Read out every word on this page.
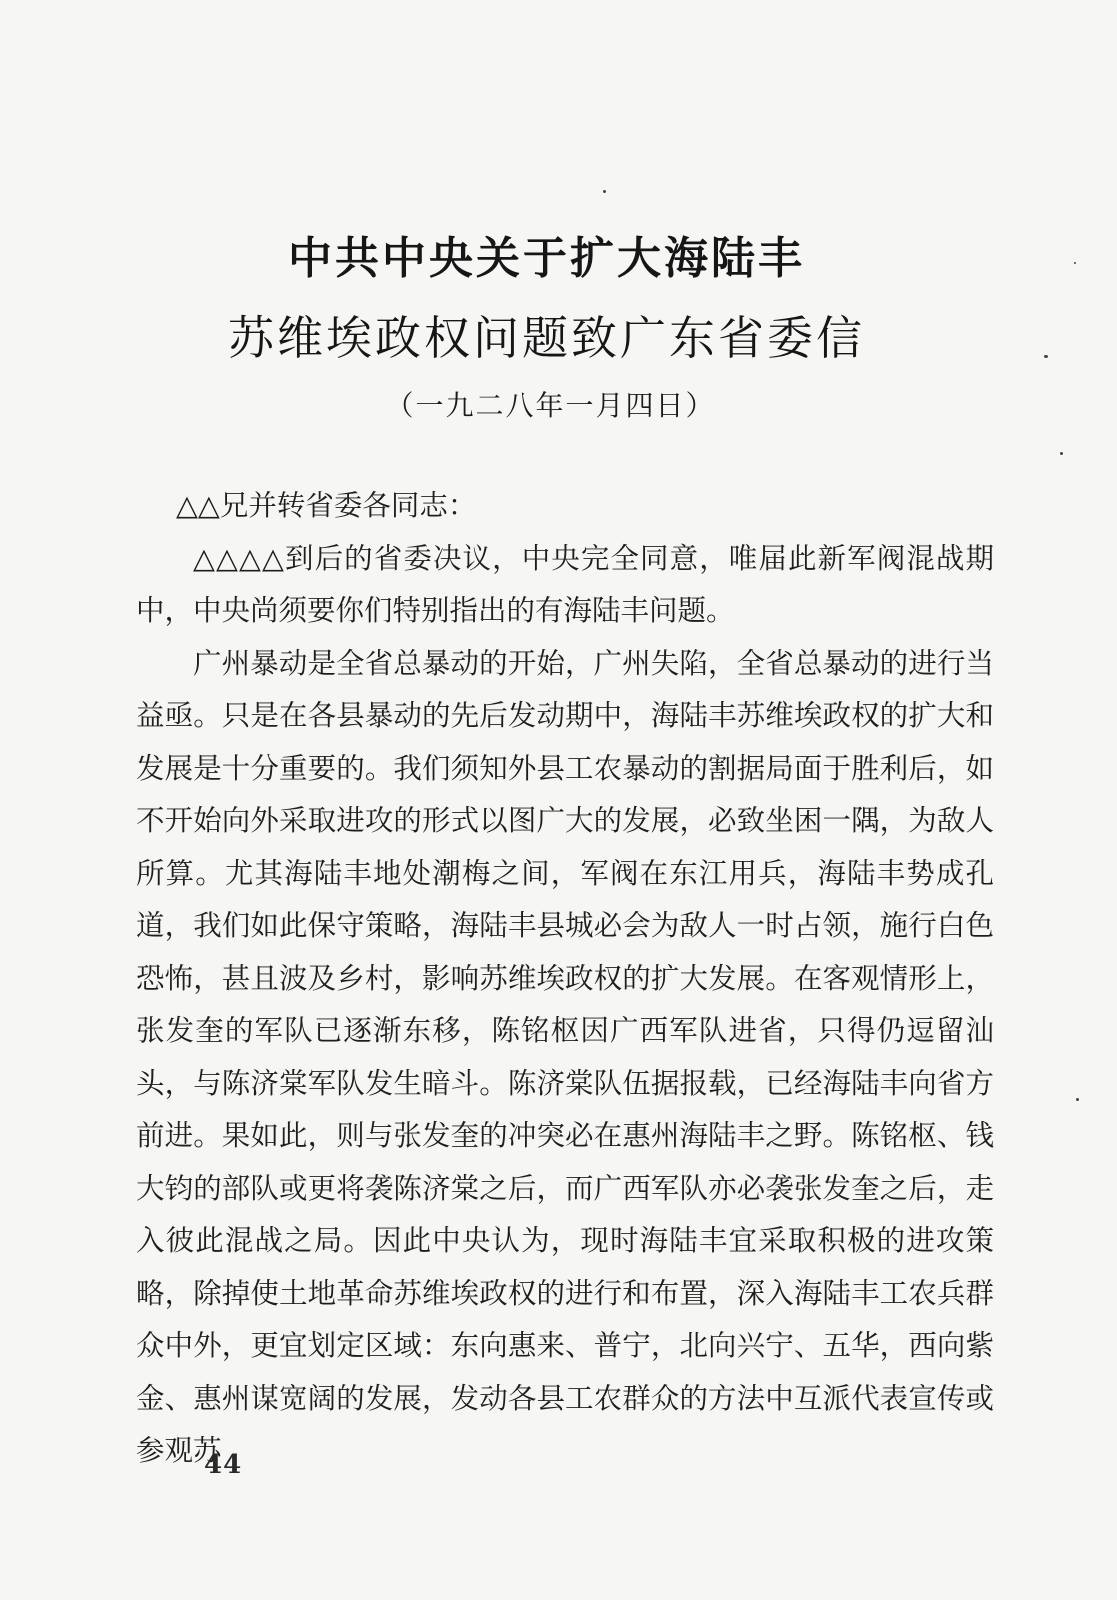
中共中央关于扩大海陆丰
苏维埃政权问题致广东省委信
（一九二八年一月四日）

△△兄并转省委各同志：

△△△△到后的省委决议，中央完全同意，唯届此新军阀混战期中，中央尚须要你们特别指出的有海陆丰问题。

广州暴动是全省总暴动的开始，广州失陷，全省总暴动的进行当益亟。只是在各县暴动的先后发动期中，海陆丰苏维埃政权的扩大和发展是十分重要的。我们须知外县工农暴动的割据局面于胜利后，如不开始向外采取进攻的形式以图广大的发展，必致坐困一隅，为敌人所算。尤其海陆丰地处潮梅之间，军阀在东江用兵，海陆丰势成孔道，我们如此保守策略，海陆丰县城必会为敌人一时占领，施行白色恐怖，甚且波及乡村，影响苏维埃政权的扩大发展。在客观情形上，张发奎的军队已逐渐东移，陈铭枢因广西军队进省，只得仍逗留汕头，与陈济棠军队发生暗斗。陈济棠队伍据报载，已经海陆丰向省方前进。果如此，则与张发奎的冲突必在惠州海陆丰之野。陈铭枢、钱大钧的部队或更将袭陈济棠之后，而广西军队亦必袭张发奎之后，走入彼此混战之局。因此中央认为，现时海陆丰宜采取积极的进攻策略，除掉使土地革命苏维埃政权的进行和布置，深入海陆丰工农兵群众中外，更宜划定区域：东向惠来、普宁，北向兴宁、五华，西向紫金、惠州谋宽阔的发展，发动各县工农群众的方法中互派代表宣传或参观苏

44
